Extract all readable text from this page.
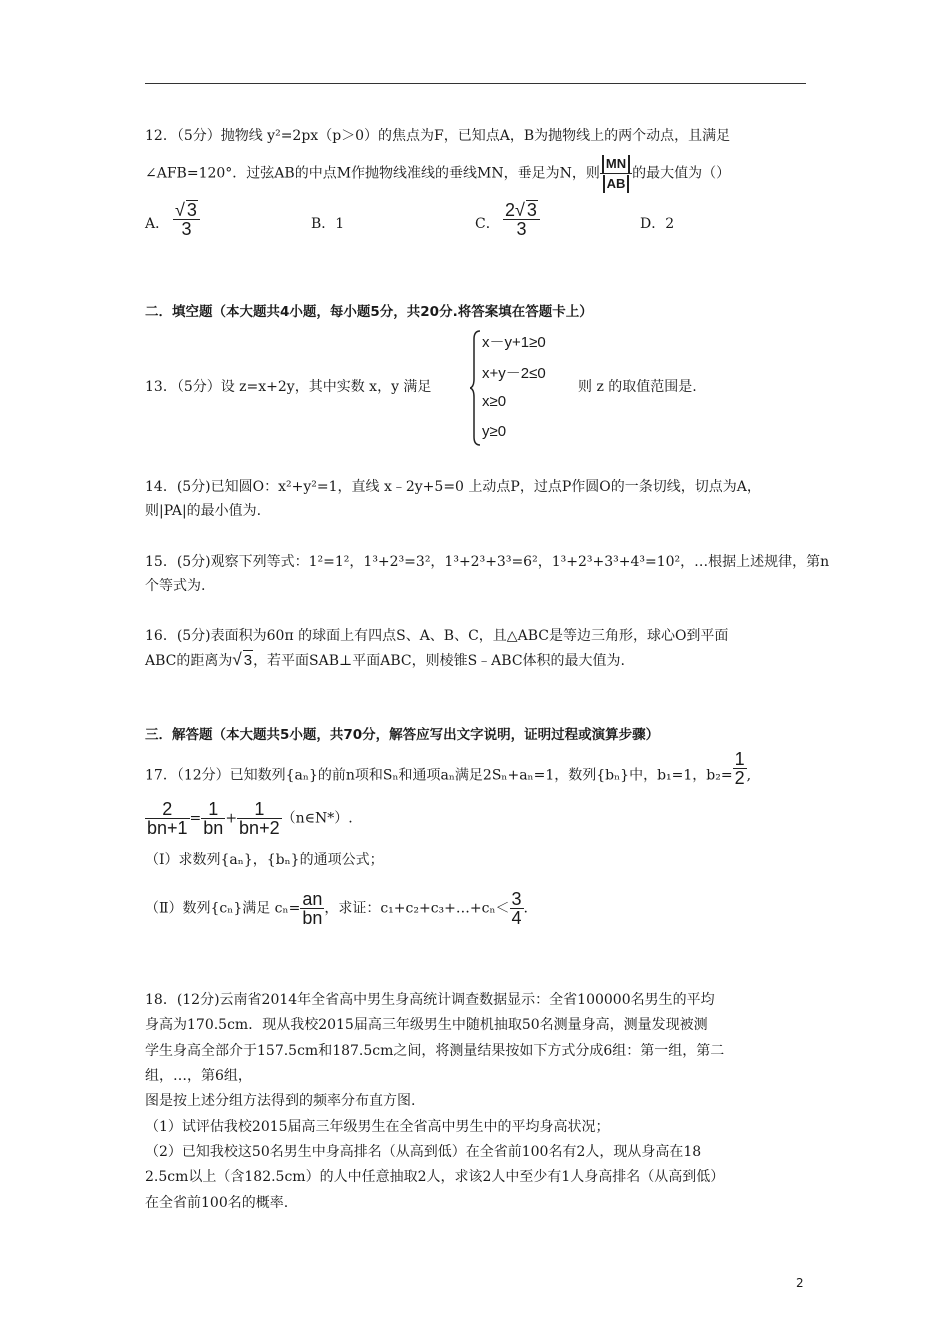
12．（5分）抛物线 y²=2px（p＞0）的焦点为F，已知点A，B为抛物线上的两个动点，且满足
∠AFB=120°．过弦AB的中点M作抛物线准线的垂线MN，垂足为N，则 $\frac{MN}{AB}$ 的最大值为（）
A． $\frac{√ 3}{3}$	B．1	C． $\frac{2√ 3}{3}$	D．2
二．填空题（本大题共4小题，每小题5分，共20分.将答案填在答题卡上）
13．（5分）设 z=x+2y，其中实数 x，y 满足
x－y+1≥0
x+y－2≤0
x≥0
y≥0
则 z 的取值范围是.
14．(5分)已知圆O：x²+y²=1，直线 x﹣2y+5=0 上动点P，过点P作圆O的一条切线，切点为A，
则|PA|的最小值为.
15．(5分)观察下列等式：1²=1²，1³+2³=3²，1³+2³+3³=6²，1³+2³+3³+4³=10²，…根据上述规律，第n
个等式为.
16．(5分)表面积为60π 的球面上有四点S、A、B、C，且△ABC是等边三角形，球心O到平面
ABC的距离为√ 3，若平面SAB⊥平面ABC，则棱锥S﹣ABC体积的最大值为.
三．解答题（本大题共5小题，共70分，解答应写出文字说明，证明过程或演算步骤）
17．（12分）已知数列{aₙ}的前n项和Sₙ和通项aₙ满足2Sₙ+aₙ=1，数列{bₙ}中，b₁=1，$b_2= \frac{1}{2}$ ,
$\frac{2}{bn+1} = \frac{1}{bn} + \frac{1}{bn+2}$ （n∈N*）.
（Ⅰ）求数列{aₙ}，{bₙ}的通项公式；
（Ⅱ）数列{cₙ}满足 $c_n= \frac{an}{bn}$ ，求证：c₁+c₂+c₃+…+cₙ＜ $\frac{3}{4}$ .
18．(12分)云南省2014年全省高中男生身高统计调查数据显示：全省100000名男生的平均
身高为170.5cm．现从我校2015届高三年级男生中随机抽取50名测量身高，测量发现被测
学生身高全部介于157.5cm和187.5cm之间，将测量结果按如下方式分成6组：第一组，第二
组，…，第6组，
图是按上述分组方法得到的频率分布直方图.
（1）试评估我校2015届高三年级男生在全省高中男生中的平均身高状况；
（2）已知我校这50名男生中身高排名（从高到低）在全省前100名有2人，现从身高在18
2.5cm以上（含182.5cm）的人中任意抽取2人，求该2人中至少有1人身高排名（从高到低）
在全省前100名的概率.
2
